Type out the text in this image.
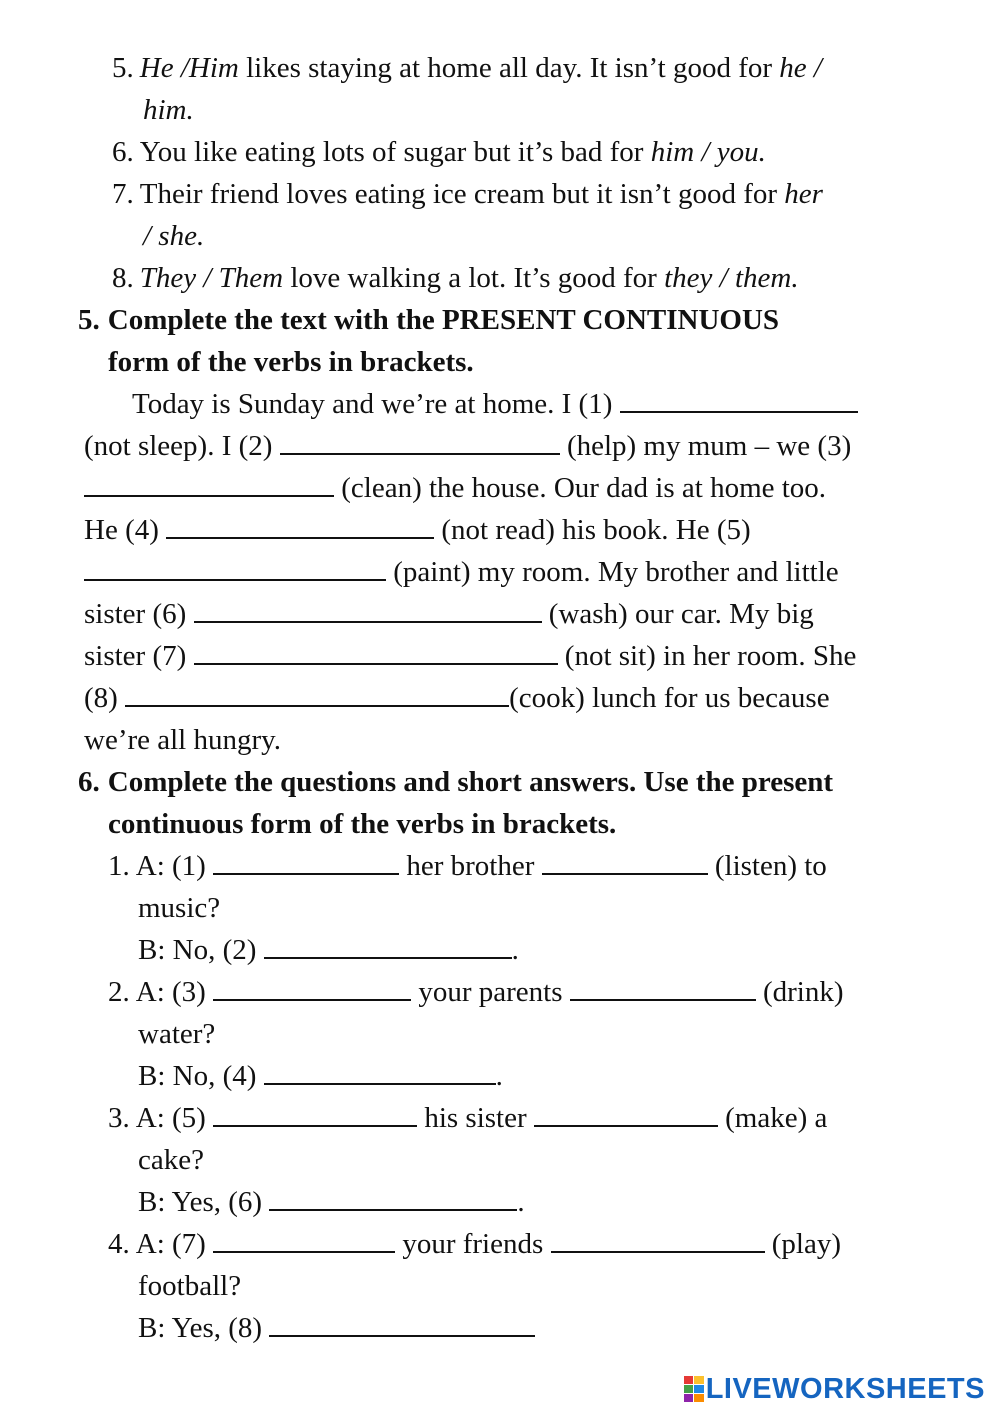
5. He /Him likes staying at home all day. It isn’t good for he /
him.
6. You like eating lots of sugar but it’s bad for him / you.
7. Their friend loves eating ice cream but it isn’t good for her
/ she.
8. They / Them love walking a lot. It’s good for they / them.
5. Complete the text with the PRESENT CONTINUOUS
form of the verbs in brackets.
Today is Sunday and we’re at home. I (1)
(not sleep). I (2)	(help) my mum – we (3)
(clean) the house. Our dad is at home too.
He (4)	(not read) his book. He (5)
(paint) my room. My brother and little
sister (6)	(wash) our car. My big
sister (7)	(not sit) in her room. She
(8)	(cook) lunch for us because
we’re all hungry.
6. Complete the questions and short answers. Use the present
continuous form of the verbs in brackets.
1. A: (1)	her brother	(listen) to
music?
B: No, (2)	.
2. A: (3)	your parents	(drink)
water?
B: No, (4)	.
3. A: (5)	his sister	(make) a
cake?
B: Yes, (6)	.
4. A: (7)	your friends	(play)
football?
B: Yes, (8)
LIVEWORKSHEETS
